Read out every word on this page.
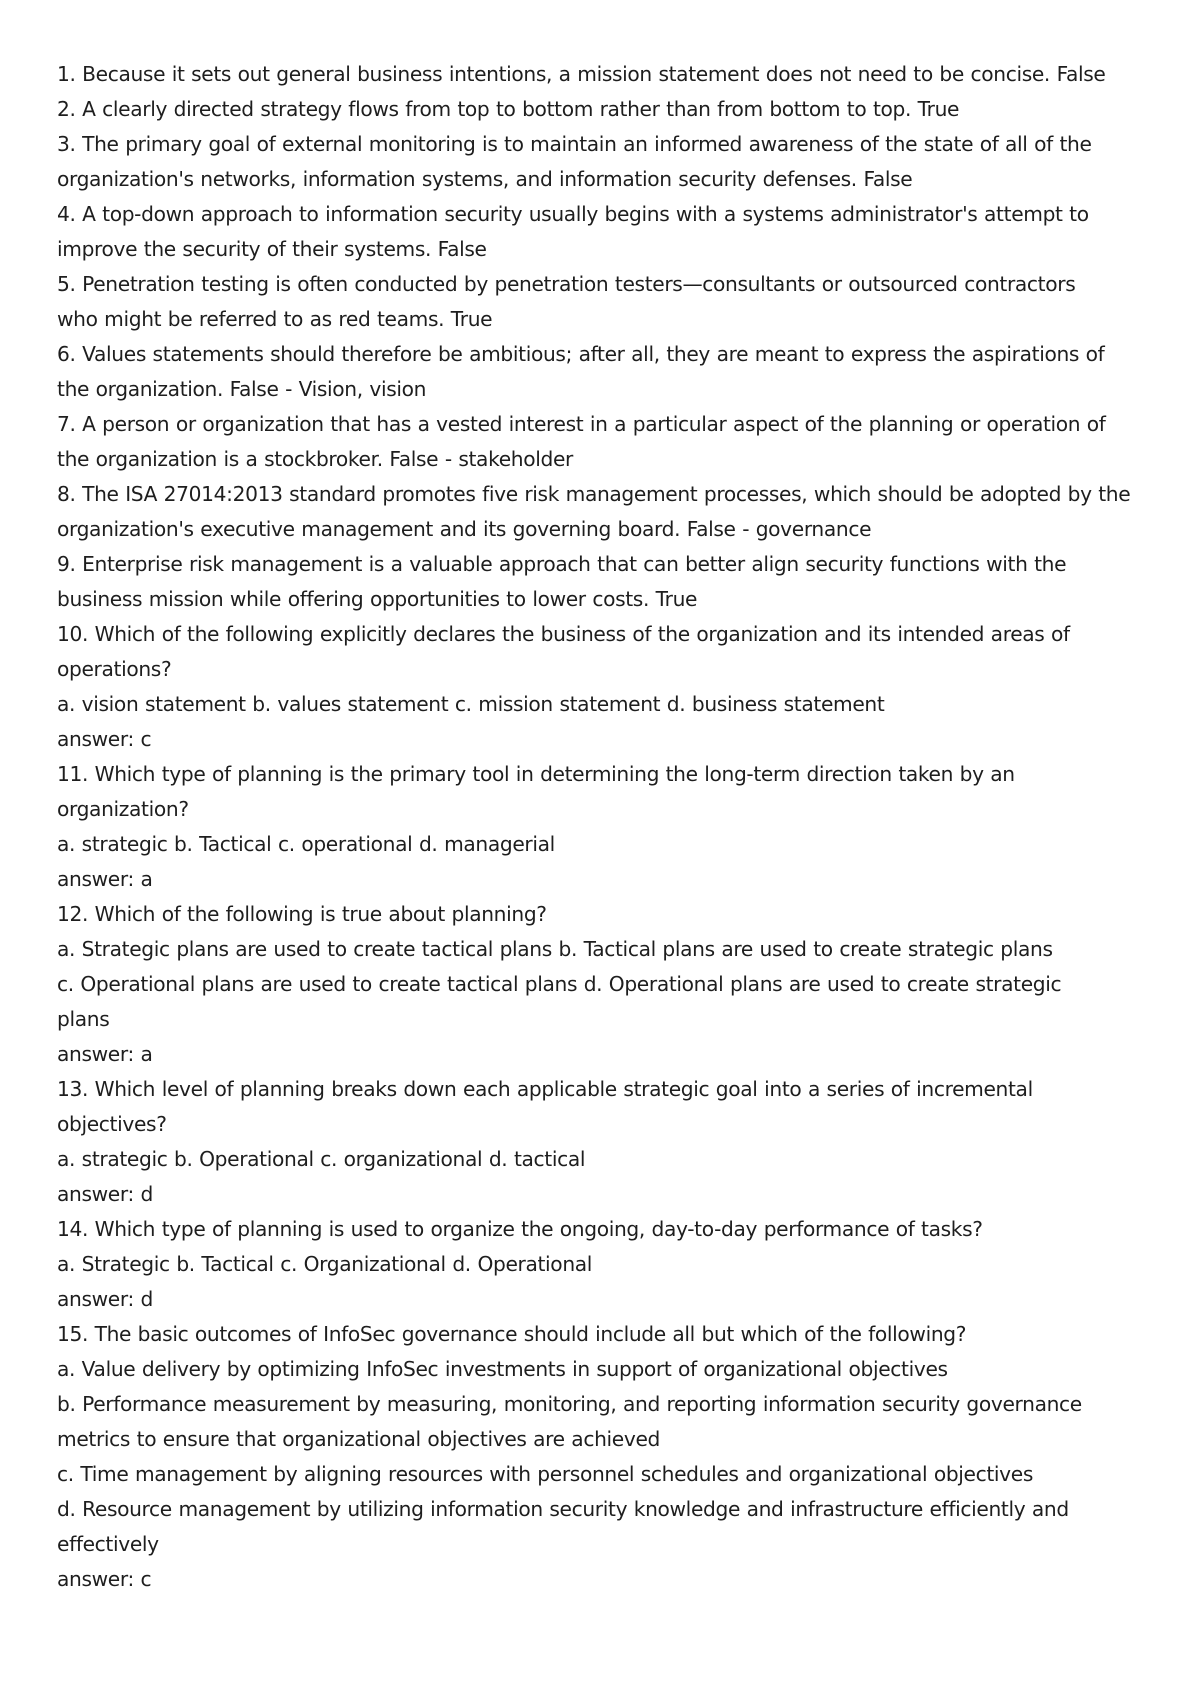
1. Because it sets out general business intentions, a mission statement does not need to be concise. False
2. A clearly directed strategy flows from top to bottom rather than from bottom to top. True
3. The primary goal of external monitoring is to maintain an informed awareness of the state of all of the
organization's networks, information systems, and information security defenses. False
4. A top-down approach to information security usually begins with a systems administrator's attempt to
improve the security of their systems. False
5. Penetration testing is often conducted by penetration testers—consultants or outsourced contractors
who might be referred to as red teams. True
6. Values statements should therefore be ambitious; after all, they are meant to express the aspirations of
the organization. False - Vision, vision
7. A person or organization that has a vested interest in a particular aspect of the planning or operation of
the organization is a stockbroker. False - stakeholder
8. The ISA 27014:2013 standard promotes five risk management processes, which should be adopted by the
organization's executive management and its governing board. False - governance
9. Enterprise risk management is a valuable approach that can better align security functions with the
business mission while offering opportunities to lower costs. True
10. Which of the following explicitly declares the business of the organization and its intended areas of
operations?
a. vision statement b. values statement c. mission statement d. business statement
answer: c
11. Which type of planning is the primary tool in determining the long-term direction taken by an
organization?
a. strategic b. Tactical c. operational d. managerial
answer: a
12. Which of the following is true about planning?
a. Strategic plans are used to create tactical plans b. Tactical plans are used to create strategic plans
c. Operational plans are used to create tactical plans d. Operational plans are used to create strategic
plans
answer: a
13. Which level of planning breaks down each applicable strategic goal into a series of incremental
objectives?
a. strategic b. Operational c. organizational d. tactical
answer: d
14. Which type of planning is used to organize the ongoing, day-to-day performance of tasks?
a. Strategic b. Tactical c. Organizational d. Operational
answer: d
15. The basic outcomes of InfoSec governance should include all but which of the following?
a. Value delivery by optimizing InfoSec investments in support of organizational objectives
b. Performance measurement by measuring, monitoring, and reporting information security governance
metrics to ensure that organizational objectives are achieved
c. Time management by aligning resources with personnel schedules and organizational objectives
d. Resource management by utilizing information security knowledge and infrastructure efficiently and
effectively
answer: c
